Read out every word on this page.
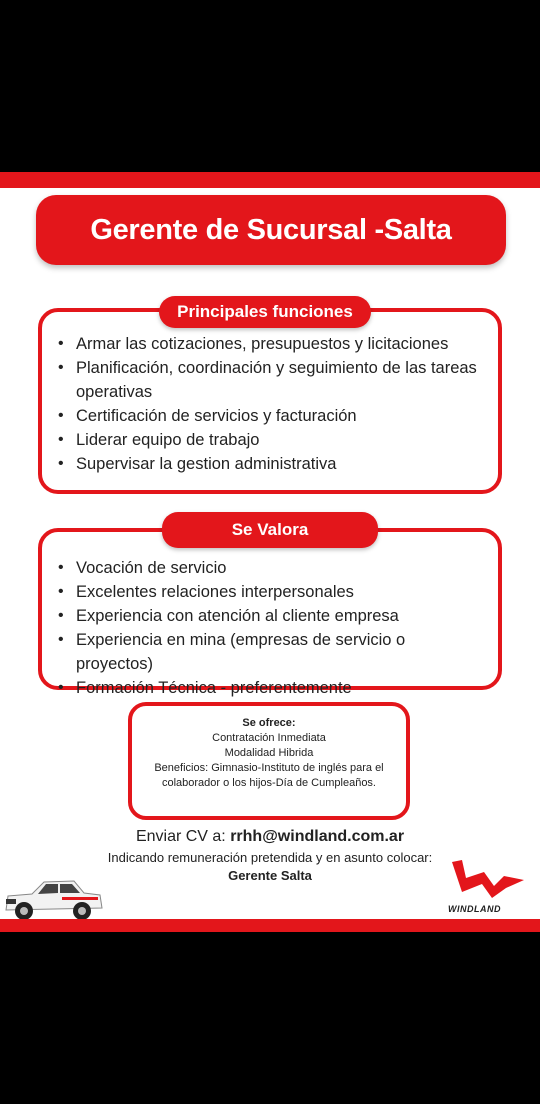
Gerente de Sucursal -Salta
• Armar las cotizaciones, presupuestos y licitaciones
• Planificación, coordinación y seguimiento de las tareas operativas
• Certificación de servicios y facturación
• Liderar equipo de trabajo
• Supervisar la gestion administrativa
Principales funciones
• Vocación de servicio
• Excelentes relaciones interpersonales
• Experiencia con atención al cliente empresa
• Experiencia en mina (empresas de servicio o proyectos)
• Formación Técnica - preferentemente
Se Valora
Se ofrece:
Contratación Inmediata
Modalidad Hibrida
Beneficios: Gimnasio-Instituto de inglés para el
colaborador o los hijos-Día de Cumpleaños.
Enviar CV a: rrhh@windland.com.ar
Indicando remuneración pretendida y en asunto colocar:
Gerente Salta
WINDLAND
